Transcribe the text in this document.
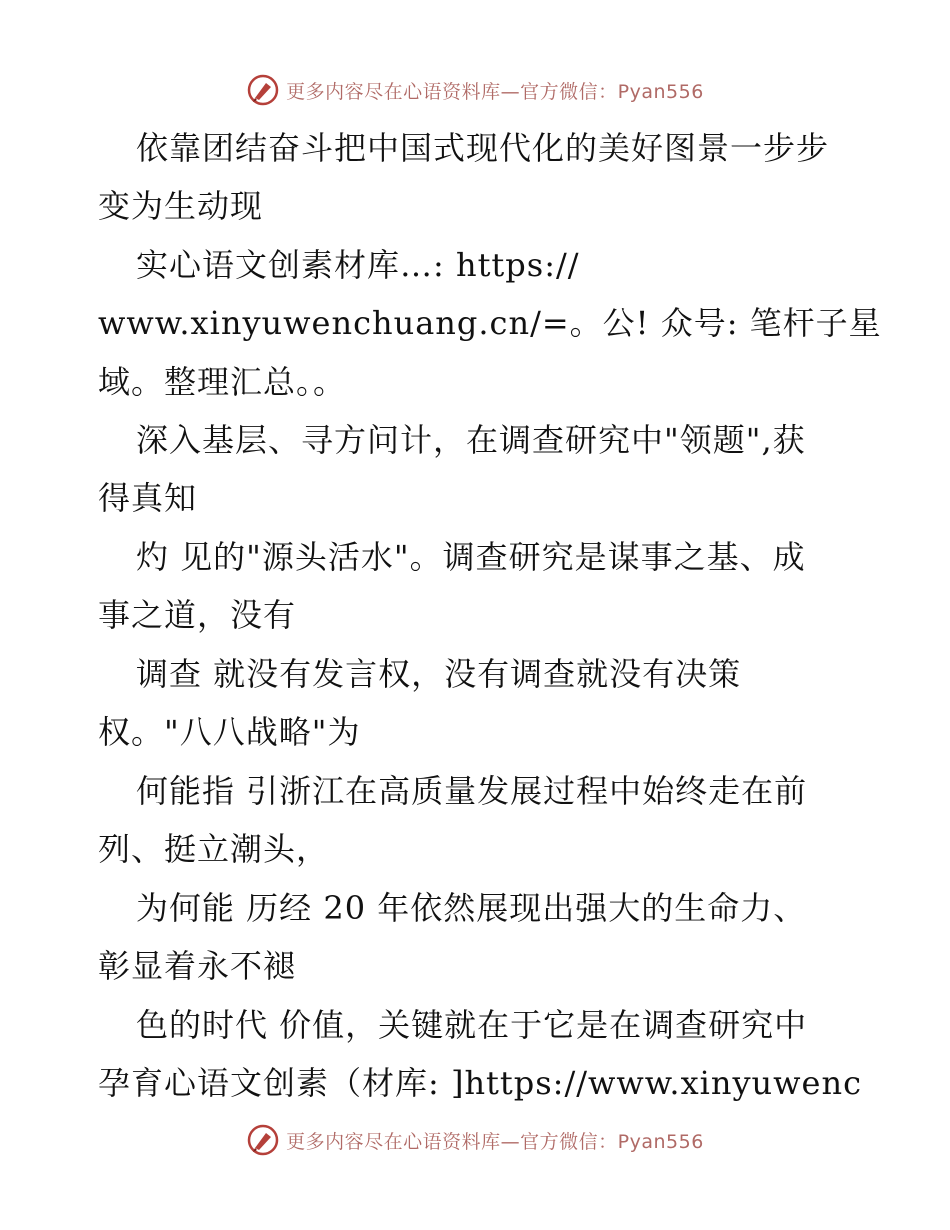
更多内容尽在心语资料库—官方微信：Pyan556
依靠团结奋斗把中国式现代化的美好图景一步步
变为生动现
实心语文创素材库…: https://
www.xinyuwenchuang.cn/=。公! 众号: 笔杆子星
域。整理汇总。。
深入基层、寻方问计，在调查研究中"领题",获
得真知
灼 见的"源头活水"。调查研究是谋事之基、成
事之道，没有
调查 就没有发言权，没有调查就没有决策
权。"八八战略"为
何能指 引浙江在高质量发展过程中始终走在前
列、挺立潮头，
为何能 历经 20 年依然展现出强大的生命力、
彰显着永不褪
色的时代 价值，关键就在于它是在调查研究中
孕育心语文创素（材库: ]https://www.xinyuwenc
更多内容尽在心语资料库—官方微信：Pyan556
